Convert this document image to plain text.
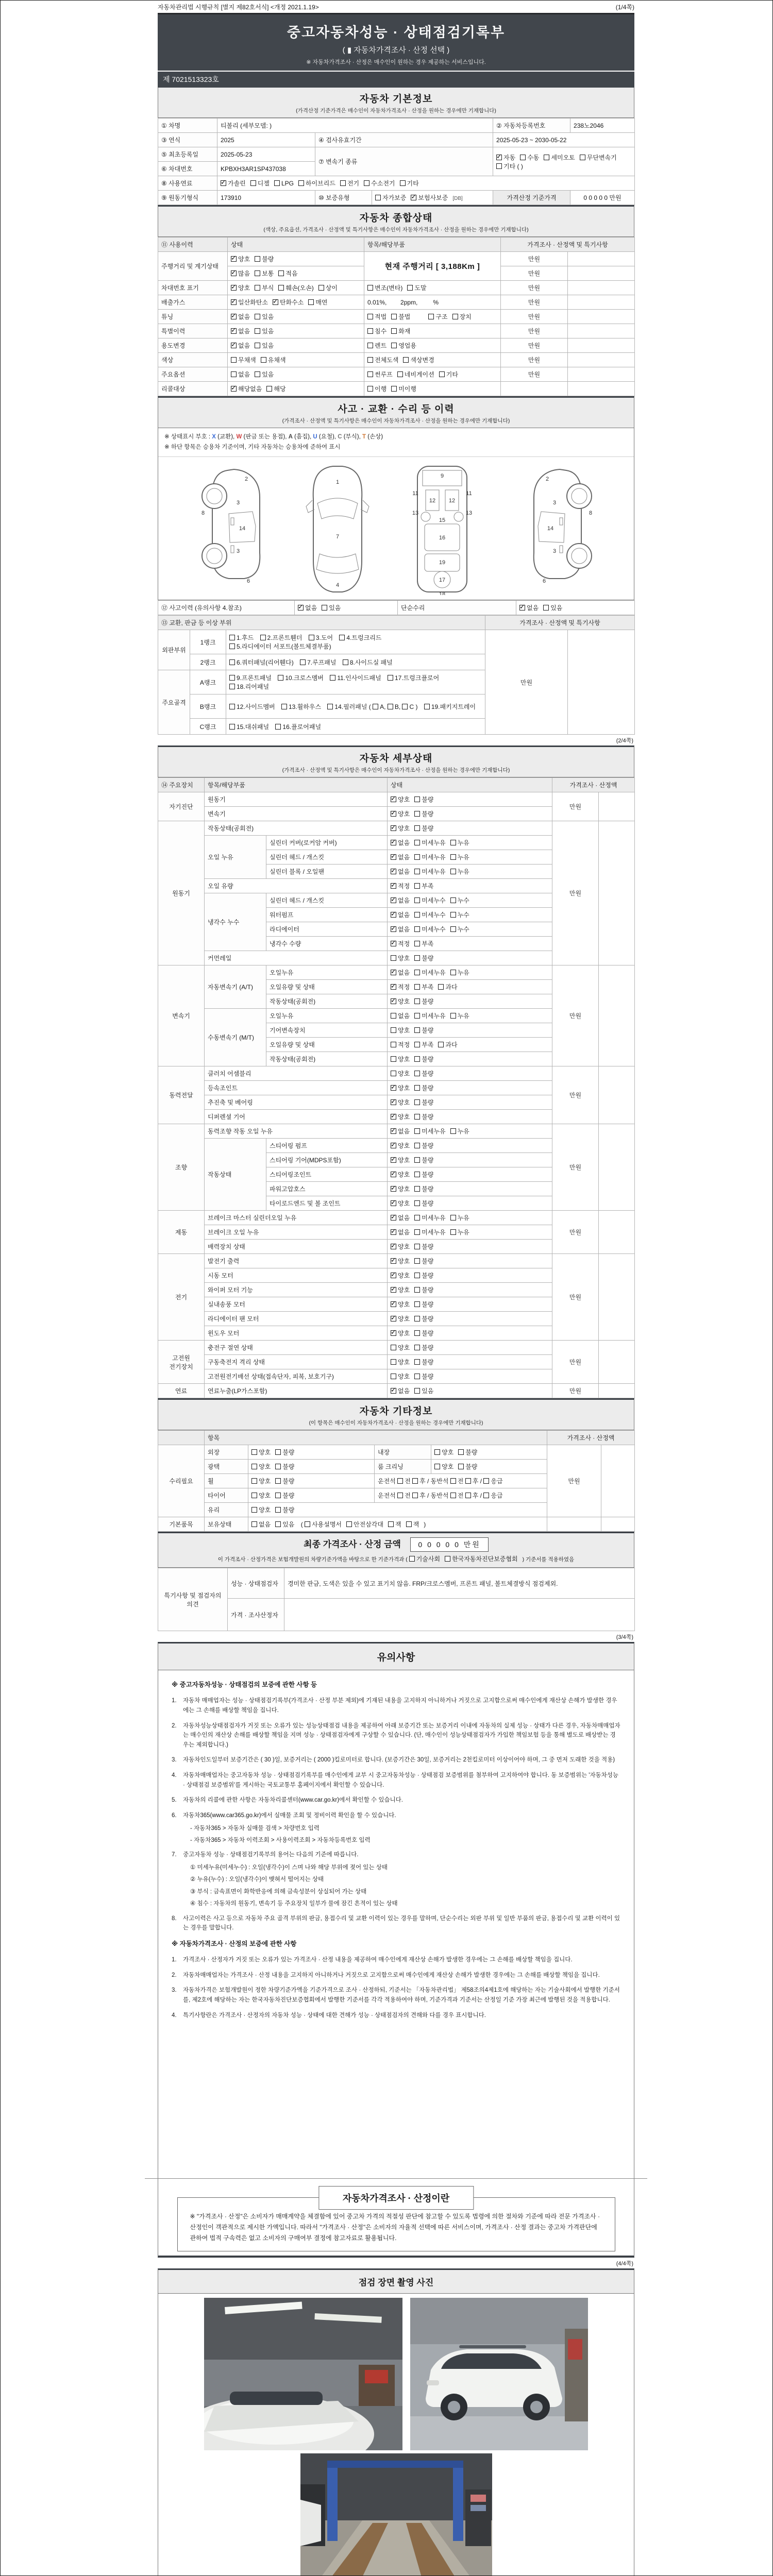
자동차관리법 시행규칙 [별지 제82호서식] <개정 2021.1.19>	(1/4쪽)
중고자동차성능 · 상태점검기록부
( ▮ 자동차가격조사 · 산정 선택 )
※ 자동차가격조사 · 산정은 매수인이 원하는 경우 제공하는 서비스입니다.
제 7021513323호
자동차 기본정보
(가격산정 기준가격은 매수인이 자동차가격조사 · 산정을 원하는 경우에만 기재합니다)
① 차명	티볼리 (세부모델: )			② 자동차등록번호	238노2046
③ 연식	2025	④ 검사유효기간		2025-05-23 ~ 2030-05-22	
⑤ 최초등록일	2025-05-23	⑦ 변속기 종류	✓자동 수동 세미오토 무단변속기기타 ( )
⑥ 차대번호	KPBXH3AR1SP437038				
⑧ 사용연료	✓가솔린 디젤 LPG 하이브리드 전기 수소전기 기타
⑨ 원동기형식	173910	⑩ 보증유형	자가보증 ✓ 보험사보증 [DB]	가격산정 기준가격	0 0 0 0 0 만원
자동차 종합상태
(색상, 주요옵션, 가격조사 · 산정액 및 특기사항은 매수인이 자동차가격조사 · 산정을 원하는 경우에만 기재합니다)
⑪ 사용이력	상태	항목/해당부품	가격조사 · 산정액 및 특기사항	
주행거리 및 계기상태	✓양호 불량	현재 주행거리 [ 3,188Km ]	만원	
✓많음 보통 적음		만원	
차대번호 표기	✓양호 부식 훼손(오손) 상이	변조(변타) 도말	만원	
배출가스	✓일산화탄소 ✓ 탄화수소 매연	0.01%,        2ppm,         %	만원	
튜닝	✓없음 있음	적법 불법 구조 장치	만원	
특별이력	✓없음 있음	침수 화재	만원	
용도변경	✓없음 있음	렌트 영업용	만원	
색상	무채색 유채색	전체도색 색상변경	만원	
주요옵션	없음 있음	썬루프 네비게이션 기타	만원	
리콜대상	✓해당없음 해당	이행 미이행		
사고 · 교환 · 수리 등 이력
(가격조사 · 산정액 및 특기사항은 매수인이 자동차가격조사 · 산정을 원하는 경우에만 기재합니다)
※ 상태표시 부호 : X (교환), W (판금 또는 용접), A (흠집), U (요철), C (부식), T (손상)
※ 하단 항목은 승용차 기준이며, 기타 자동차는 승용차에 준하여 표시
2
8
3
14
3
6
1
7
4
9
11	11
12 12
13	13
15
16
19
17
18
2
8
3
14
3
6
⑫ 사고이력 (유의사항 4.참조)	✓없음 있음	단순수리	✓없음 있음
⑬ 교환, 판금 등 이상 부위			가격조사 · 산정액 및 특기사항	
외판부위	1랭크	1.후드 2.프론트휀더 3.도어 4.트렁크리드 5.라디에이터 서포트(볼트체결부품)	만원	
	2랭크	6.쿼터패널(리어휀다) 7.루프패널 8.사이드실 패널		
주요골격	A랭크	9.프론트패널 10.크로스멤버 11.인사이드패널 17.트렁크플로어 18.리어패널		
	B랭크	12.사이드멤버 13.휠하우스 14.필러패널 ( A, B, C ) 19.패키지트레이		
	C랭크	15.대쉬패널 16.플로어패널		
(2/4쪽)
자동차 세부상태
(가격조사 · 산정액 및 특기사항은 매수인이 자동차가격조사 · 산정을 원하는 경우에만 기재합니다)
⑭ 주요장치	항목/해당부품		상태	가격조사 · 산정액	
자기진단	원동기	✓양호 불량	만원	
	변속기	✓양호 불량
원동기	작동상태(공회전)	✓양호 불량	만원	
	오일 누유	실린더 커버(로커암 커버)	✓없음 미세누유 누유
		실린더 헤드 / 개스킷	✓없음 미세누유 누유
		실린더 블록 / 오일팬	✓없음 미세누유 누유
	오일 유량	✓적정 부족
	냉각수 누수	실린더 헤드 / 개스킷	✓없음 미세누수 누수
		워터펌프	✓없음 미세누수 누수
		라디에이터	✓없음 미세누수 누수
		냉각수 수량	✓적정 부족
	커먼레일		양호 불량		
변속기	자동변속기 (A/T)	오일누유	✓없음 미세누유 누유	만원	
		오일유량 및 상태	✓적정 부족 과다
		작동상태(공회전)	✓양호 불량
	수동변속기 (M/T)	오일누유	없음 미세누유 누유		
		기어변속장치	양호 불량		
		오일유량 및 상태	적정 부족 과다		
		작동상태(공회전)	양호 불량		
동력전달	클러치 어셈블리		양호 불량	만원	
	등속조인트	✓양호 불량
	추진축 및 베어링	✓양호 불량
	디퍼렌셜 기어	✓양호 불량
조향	동력조향 작동 오일 누유	✓없음 미세누유 누유	만원	
	작동상태	스티어링 펌프	✓양호 불량
		스티어링 기어(MDPS포함)	✓양호 불량
		스티어링조인트	✓양호 불량
		파워고압호스	✓양호 불량
		타이로드엔드 및 볼 조인트	✓양호 불량
제동	브레이크 마스터 실린더오일 누유	✓없음 미세누유 누유	만원	
	브레이크 오일 누유	✓없음 미세누유 누유
	배력장치 상태	✓양호 불량
전기	발전기 출력	✓양호 불량	만원	
	시동 모터	✓양호 불량
	와이퍼 모터 기능	✓양호 불량
	실내송풍 모터	✓양호 불량
	라디에이터 팬 모터	✓양호 불량
	윈도우 모터	✓양호 불량
고전원 전기장치	충전구 절연 상태		양호 불량	만원	
	구동축전지 격리 상태		양호 불량		
	고전원전기배선 상태(접속단자, 피복, 보호기구)		양호 불량		
연료	연료누출(LP가스포함)	✓없음 있음	만원	
자동차 기타정보
(이 항목은 매수인이 자동차가격조사 · 산정을 원하는 경우에만 기재합니다)
	항목				가격조사 · 산정액	
수리필요	외장	양호 불량	내장	양호 불량	만원	
	광택	양호 불량	룸 크리닝	양호 불량		
	휠	양호 불량	운전석 전 후 / 동반석 전 후 / 응급			
	타이어	양호 불량	운전석 전 후 / 동반석 전 후 / 응급			
	유리	양호 불량				
기본품목	보유상태	없음 있음 ( 사용설명서 안전삼각대 잭 잭 )				
최종 가격조사 · 산정 금액 0 0 0 0 0 만원
이 가격조사 · 산정가격은 보험개발원의 차량기준가액을 바탕으로 한 기준가격과 ( 기술사회 한국자동차진단보증협회 ) 기준서를 적용하였음
특기사항 및 점검자의 의견	성능 · 상태점검자	경미한 판금, 도색은 있을 수 있고 표기치 않음. FRP/크로스멤버, 프론트 패널, 볼트체결방식 점검제외.
	가격 · 조사산정자	
(3/4쪽)
유의사항
※ 중고자동차성능 · 상태점검의 보증에 관한 사항 등
1.	자동차 매매업자는 성능 · 상태점검기록부(가격조사 · 산정 부분 제외)에 기재된 내용을 고지하지 아니하거나 거짓으로 고지함으로써 매수인에게 재산상 손해가 발생한 경우에는 그 손해를 배상할 책임을 집니다.
2.	자동차성능상태점검자가 거짓 또는 오류가 있는 성능상태점검 내용을 제공하여 아래 보증기간 또는 보증거리 이내에 자동차의 실제 성능 · 상태가 다른 경우, 자동차매매업자는 매수인의 재산상 손해를 배상할 책임을 지며 성능 · 상태점검자에게 구상할 수 있습니다. (단, 매수인이 성능상태점검자가 가입한 책임보험 등을 통해 별도로 배상받는 경우는 제외합니다.)
3.	자동차인도일부터 보증기간은 ( 30 )일, 보증거리는 ( 2000 )킬로미터로 합니다. (보증기간은 30일, 보증거리는 2천킬로미터 이상이어야 하며, 그 중 먼저 도래한 것을 적용)
4.	자동차매매업자는 중고자동차 성능 · 상태점검기록부를 매수인에게 교부 시 중고자동차성능 · 상태점검 보증범위를 첨부하여 고지하여야 합니다. 동 보증범위는 '자동차성능 · 상태점검 보증범위'를 게시하는 국토교통부 홈페이지에서 확인할 수 있습니다.
5.	자동차의 리콜에 관한 사항은 자동차리콜센터(www.car.go.kr)에서 확인할 수 있습니다.
6.	자동차365(www.car365.go.kr)에서 실매물 조회 및 정비이력 확인을 할 수 있습니다.
- 자동차365 > 자동차 실매물 검색 > 차량번호 입력
- 자동차365 > 자동차 이력조회 > 사용이력조회 > 자동차등록번호 입력
7.	중고자동차 성능 · 상태점검기록부의 용어는 다음의 기준에 따릅니다.
① 미세누유(미세누수) : 오일(냉각수)이 스며 나와 해당 부위에 젖어 있는 상태
② 누유(누수) : 오일(냉각수)이 맺혀서 떨어지는 상태
③ 부식 : 금속표면이 화학반응에 의해 금속성분이 상실되어 가는 상태
④ 침수 : 자동차의 원동기, 변속기 등 주요장치 일부가 물에 잠긴 흔적이 있는 상태
8.	사고이력은 사고 등으로 자동차 주요 골격 부위의 판금, 용접수리 및 교환 이력이 있는 경우를 말하며, 단순수리는 외판 부위 및 일반 부품의 판금, 용접수리 및 교환 이력이 있는 경우를 말합니다.
※ 자동차가격조사 · 산정의 보증에 관한 사항
1.	가격조사 · 산정자가 거짓 또는 오류가 있는 가격조사 · 산정 내용을 제공하여 매수인에게 재산상 손해가 발생한 경우에는 그 손해를 배상할 책임을 집니다.
2.	자동차매매업자는 가격조사 · 산정 내용을 고지하지 아니하거나 거짓으로 고지함으로써 매수인에게 재산상 손해가 발생한 경우에는 그 손해를 배상할 책임을 집니다.
3.	자동차가격은 보험개발원이 정한 차량기준가액을 기준가격으로 조사 · 산정하되, 기준서는 「자동차관리법」 제58조의4제1호에 해당하는 자는 기술사회에서 발행한 기준서를, 제2호에 해당하는 자는 한국자동차진단보증협회에서 발행한 기준서를 각각 적용하여야 하며, 기준가격과 기준서는 산정일 기준 가장 최근에 발행된 것을 적용합니다.
4.	특기사항란은 가격조사 · 산정자의 자동차 성능 · 상태에 대한 견해가 성능 · 상태점검자의 견해와 다를 경우 표시합니다.
자동차가격조사 · 산정이란
※ "가격조사 · 산정"은 소비자가 매매계약을 체결함에 있어 중고차 가격의 적절성 판단에 참고할 수 있도록 법령에 의한 절차와 기준에 따라 전문 가격조사 · 산정인이 객관적으로 제시한 가액입니다. 따라서 "가격조사 · 산정"은 소비자의 자율적 선택에 따른 서비스이며, 가격조사 · 산정 결과는 중고차 가격판단에 관하여 법적 구속력은 없고 소비자의 구매여부 결정에 참고자료로 활용됩니다.
(4/4쪽)
점검 장면 촬영 사진
